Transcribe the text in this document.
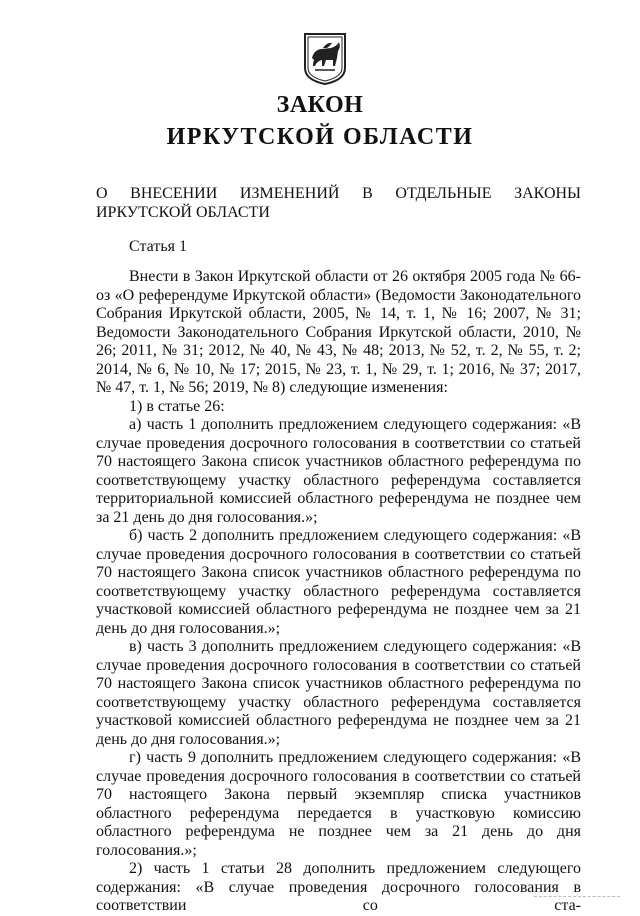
ЗАКОН
ИРКУТСКОЙ ОБЛАСТИ
О ВНЕСЕНИИ ИЗМЕНЕНИЙ В ОТДЕЛЬНЫЕ ЗАКОНЫ ИРКУТСКОЙ ОБЛАСТИ
Статья 1

Внести в Закон Иркутской области от 26 октября 2005 года № 66-оз «О референдуме Иркутской области» (Ведомости Законодательного Собрания Иркутской области, 2005, № 14, т. 1, № 16; 2007, № 31; Ведомости Законодательного Собрания Иркутской области, 2010, № 26; 2011, № 31; 2012, № 40, № 43, № 48; 2013, № 52, т. 2, № 55, т. 2; 2014, № 6, № 10, № 17; 2015, № 23, т. 1, № 29, т. 1; 2016, № 37; 2017, № 47, т. 1, № 56; 2019, № 8) следующие изменения:

1) в статье 26:

а) часть 1 дополнить предложением следующего содержания: «В случае проведения досрочного голосования в соответствии со статьей 70 настоящего Закона список участников областного референдума по соответствующему участку областного референдума составляется территориальной комиссией областного референдума не позднее чем за 21 день до дня голосования.»;

б) часть 2 дополнить предложением следующего содержания: «В случае проведения досрочного голосования в соответствии со статьей 70 настоящего Закона список участников областного референдума по соответствующему участку областного референдума составляется участковой комиссией областного референдума не позднее чем за 21 день до дня голосования.»;

в) часть 3 дополнить предложением следующего содержания: «В случае проведения досрочного голосования в соответствии со статьей 70 настоящего Закона список участников областного референдума по соответствующему участку областного референдума составляется участковой комиссией областного референдума не позднее чем за 21 день до дня голосования.»;

г) часть 9 дополнить предложением следующего содержания: «В случае проведения досрочного голосования в соответствии со статьей 70 настоящего Закона первый экземпляр списка участников областного референдума передается в участковую комиссию областного референдума не позднее чем за 21 день до дня голосования.»;

2) часть 1 статьи 28 дополнить предложением следующего содержания: «В случае проведения досрочного голосования в соответствии со ста-
